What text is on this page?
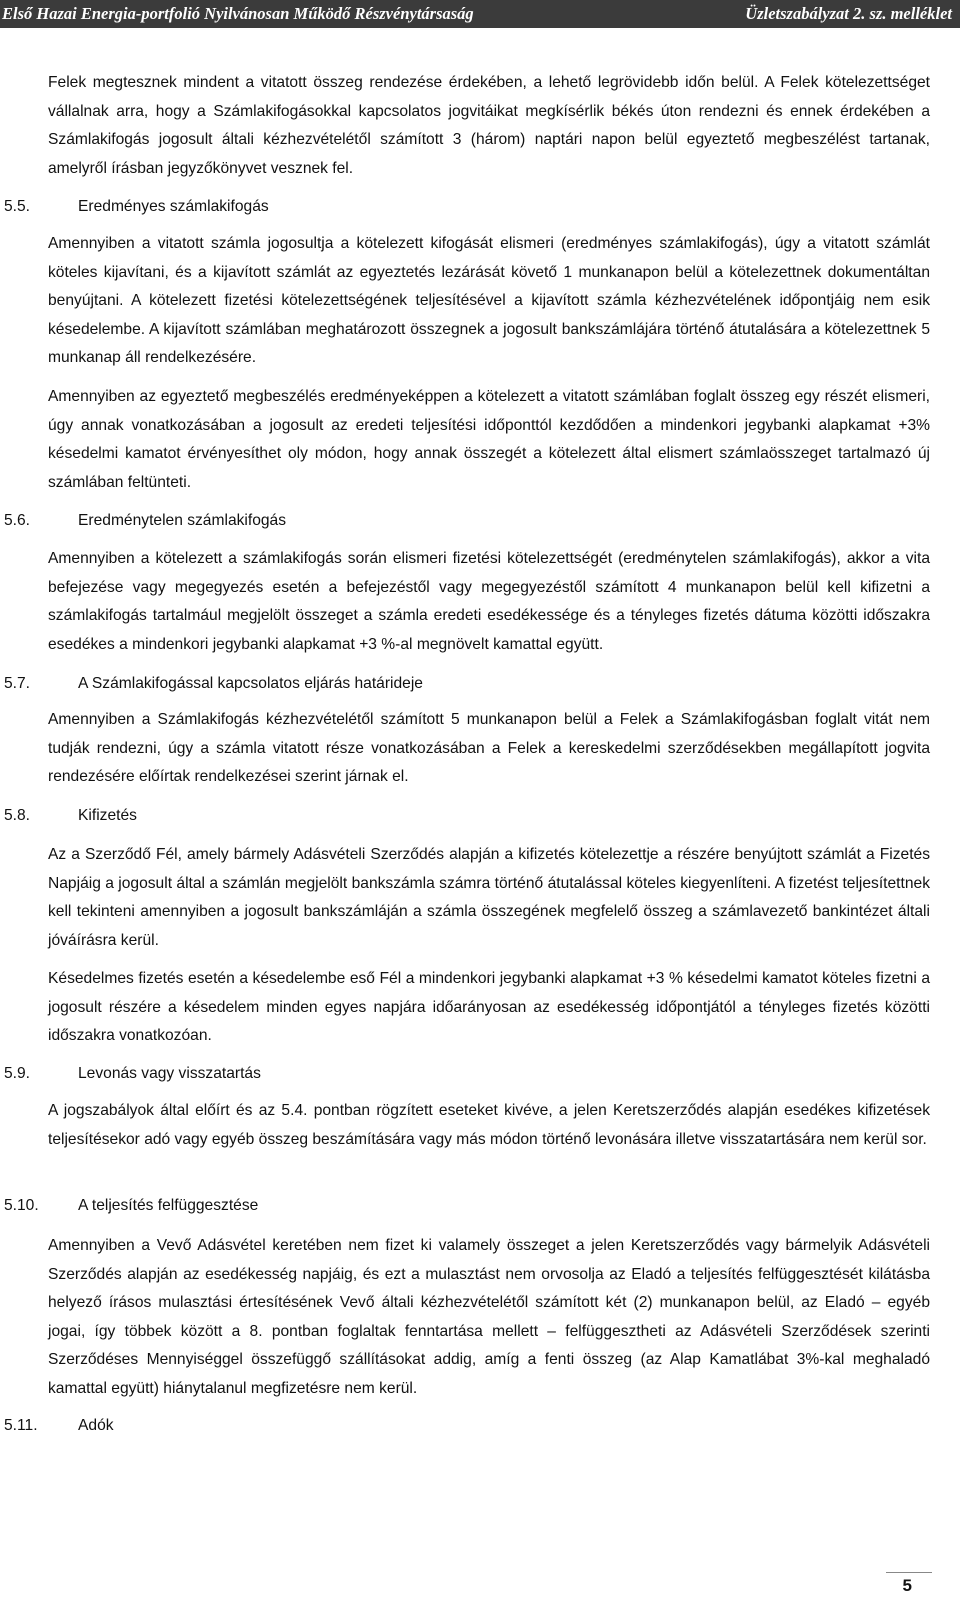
Első Hazai Energia-portfolió Nyilvánosan Működő Részvénytársaság	Üzletszabályzat 2. sz. melléklet

Felek megtesznek mindent a vitatott összeg rendezése érdekében, a lehető legrövidebb időn belül. A Felek kötelezettséget vállalnak arra, hogy a Számlakifogásokkal kapcsolatos jogvitáikat megkísérlik békés úton rendezni és ennek érdekében a Számlakifogás jogosult általi kézhezvételétől számított 3 (három) naptári napon belül egyeztető megbeszélést tartanak, amelyről írásban jegyzőkönyvet vesznek fel.

5.5.	Eredményes számlakifogás

Amennyiben a vitatott számla jogosultja a kötelezett kifogását elismeri (eredményes számlakifogás), úgy a vitatott számlát köteles kijavítani, és a kijavított számlát az egyeztetés lezárását követő 1 munkanapon belül a kötelezettnek dokumentáltan benyújtani. A kötelezett fizetési kötelezettségének teljesítésével a kijavított számla kézhezvételének időpontjáig nem esik késedelembe. A kijavított számlában meghatározott összegnek a jogosult bankszámlájára történő átutalására a kötelezettnek 5 munkanap áll rendelkezésére.

Amennyiben az egyeztető megbeszélés eredményeképpen a kötelezett a vitatott számlában foglalt összeg egy részét elismeri, úgy annak vonatkozásában a jogosult az eredeti teljesítési időponttól kezdődően a mindenkori jegybanki alapkamat +3% késedelmi kamatot érvényesíthet oly módon, hogy annak összegét a kötelezett által elismert számlaösszeget tartalmazó új számlában feltünteti.

5.6.	Eredménytelen számlakifogás

Amennyiben a kötelezett a számlakifogás során elismeri fizetési kötelezettségét (eredménytelen számlakifogás), akkor a vita befejezése vagy megegyezés esetén a befejezéstől vagy megegyezéstől számított 4 munkanapon belül kell kifizetni a számlakifogás tartalmául megjelölt összeget a számla eredeti esedékessége és a tényleges fizetés dátuma közötti időszakra esedékes a mindenkori jegybanki alapkamat +3 %-al megnövelt kamattal együtt.

5.7.	A Számlakifogással kapcsolatos eljárás határideje

Amennyiben a Számlakifogás kézhezvételétől számított 5 munkanapon belül a Felek a Számlakifogásban foglalt vitát nem tudják rendezni, úgy a számla vitatott része vonatkozásában a Felek a kereskedelmi szerződésekben megállapított jogvita rendezésére előírtak rendelkezései szerint járnak el.

5.8.	Kifizetés

Az a Szerződő Fél, amely bármely Adásvételi Szerződés alapján a kifizetés kötelezettje a részére benyújtott számlát a Fizetés Napjáig a jogosult által a számlán megjelölt bankszámla számra történő átutalással köteles kiegyenlíteni. A fizetést teljesítettnek kell tekinteni amennyiben a jogosult bankszámláján a számla összegének megfelelő összeg a számlavezető bankintézet általi jóváírásra kerül.

Késedelmes fizetés esetén a késedelembe eső Fél a mindenkori jegybanki alapkamat +3 % késedelmi kamatot köteles fizetni a jogosult részére a késedelem minden egyes napjára időarányosan az esedékesség időpontjától a tényleges fizetés közötti időszakra vonatkozóan.

5.9.	Levonás vagy visszatartás

A jogszabályok által előírt és az 5.4. pontban rögzített eseteket kivéve, a jelen Keretszerződés alapján esedékes kifizetések teljesítésekor adó vagy egyéb összeg beszámítására vagy más módon történő levonására illetve visszatartására nem kerül sor.

5.10.	A teljesítés felfüggesztése

Amennyiben a Vevő Adásvétel keretében nem fizet ki valamely összeget a jelen Keretszerződés vagy bármelyik Adásvételi Szerződés alapján az esedékesség napjáig, és ezt a mulasztást nem orvosolja az Eladó a teljesítés felfüggesztését kilátásba helyező írásos mulasztási értesítésének Vevő általi kézhezvételétől számított két (2) munkanapon belül, az Eladó – egyéb jogai, így többek között a 8. pontban foglaltak fenntartása mellett – felfüggesztheti az Adásvételi Szerződések szerinti Szerződéses Mennyiséggel összefüggő szállításokat addig, amíg a fenti összeg (az Alap Kamatlábat 3%-kal meghaladó kamattal együtt) hiánytalanul megfizetésre nem kerül.

5.11.	Adók
5
